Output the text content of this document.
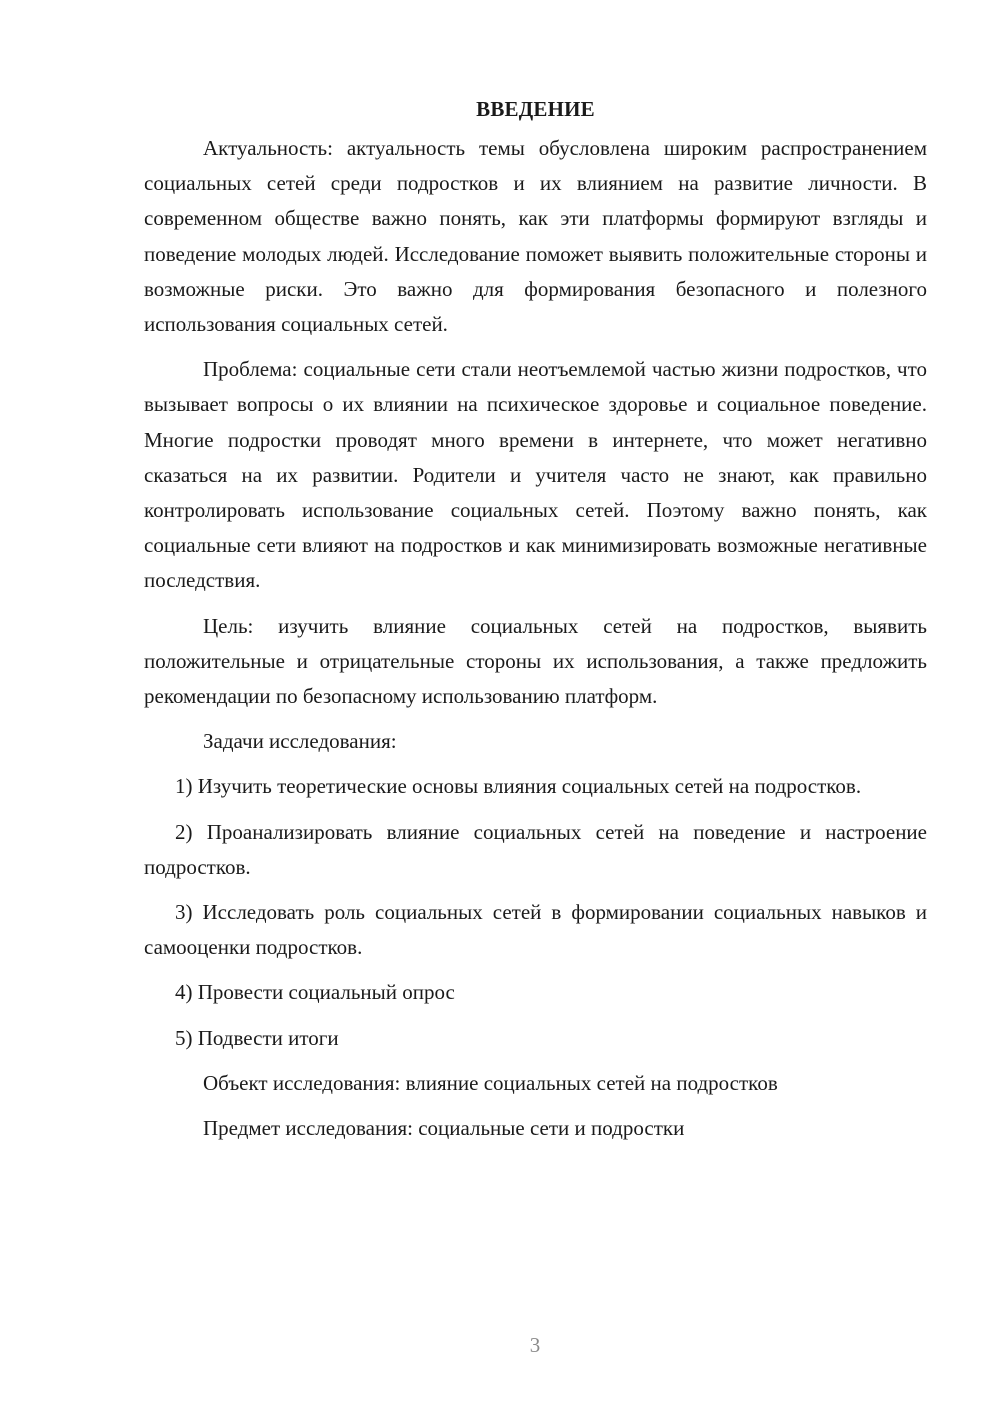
ВВЕДЕНИЕ

Актуальность: актуальность темы обусловлена широким распространением социальных сетей среди подростков и их влиянием на развитие личности. В современном обществе важно понять, как эти платформы формируют взгляды и поведение молодых людей. Исследование поможет выявить положительные стороны и возможные риски. Это важно для формирования безопасного и полезного использования социальных сетей.

Проблема: социальные сети стали неотъемлемой частью жизни подростков, что вызывает вопросы о их влиянии на психическое здоровье и социальное поведение. Многие подростки проводят много времени в интернете, что может негативно сказаться на их развитии. Родители и учителя часто не знают, как правильно контролировать использование социальных сетей. Поэтому важно понять, как социальные сети влияют на подростков и как минимизировать возможные негативные последствия.

Цель: изучить влияние социальных сетей на подростков, выявить положительные и отрицательные стороны их использования, а также предложить рекомендации по безопасному использованию платформ.

Задачи исследования:

1) Изучить теоретические основы влияния социальных сетей на подростков.

2) Проанализировать влияние социальных сетей на поведение и настроение подростков.

3) Исследовать роль социальных сетей в формировании социальных навыков и самооценки подростков.

4) Провести социальный опрос

5) Подвести итоги

Объект исследования: влияние социальных сетей на подростков

Предмет исследования: социальные сети и подростки

3
